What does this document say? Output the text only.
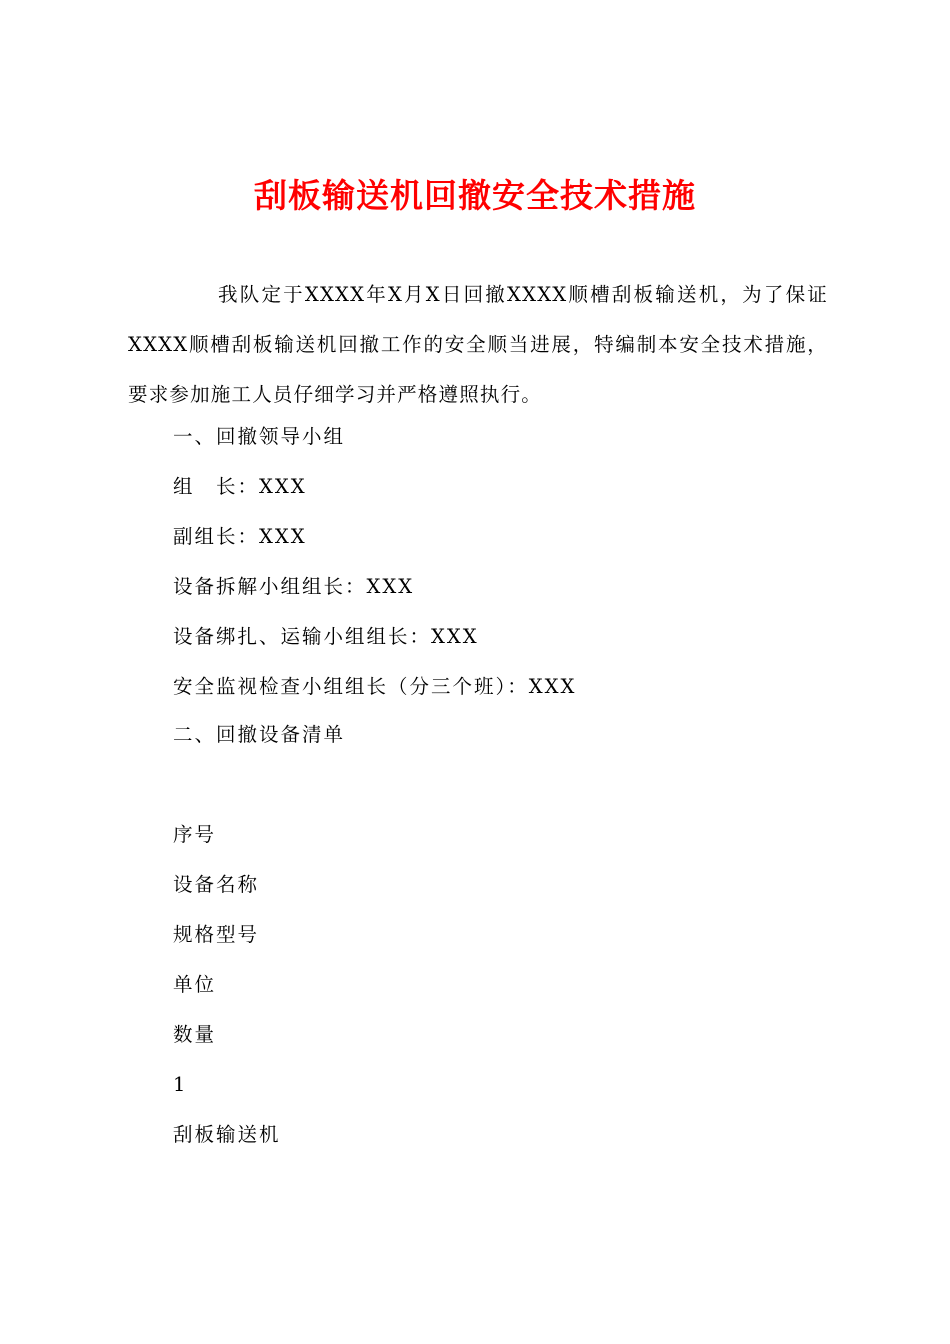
刮板输送机回撤安全技术措施
我队定于XXXX年X月X日回撤XXXX顺槽刮板输送机，为了保证XXXX顺槽刮板输送机回撤工作的安全顺当进展，特编制本安全技术措施，要求参加施工人员仔细学习并严格遵照执行。
一、回撤领导小组
组　长：XXX
副组长：XXX
设备拆解小组组长：XXX
设备绑扎、运输小组组长：XXX
安全监视检查小组组长（分三个班）：XXX
二、回撤设备清单
序号
设备名称
规格型号
单位
数量
1
刮板输送机
